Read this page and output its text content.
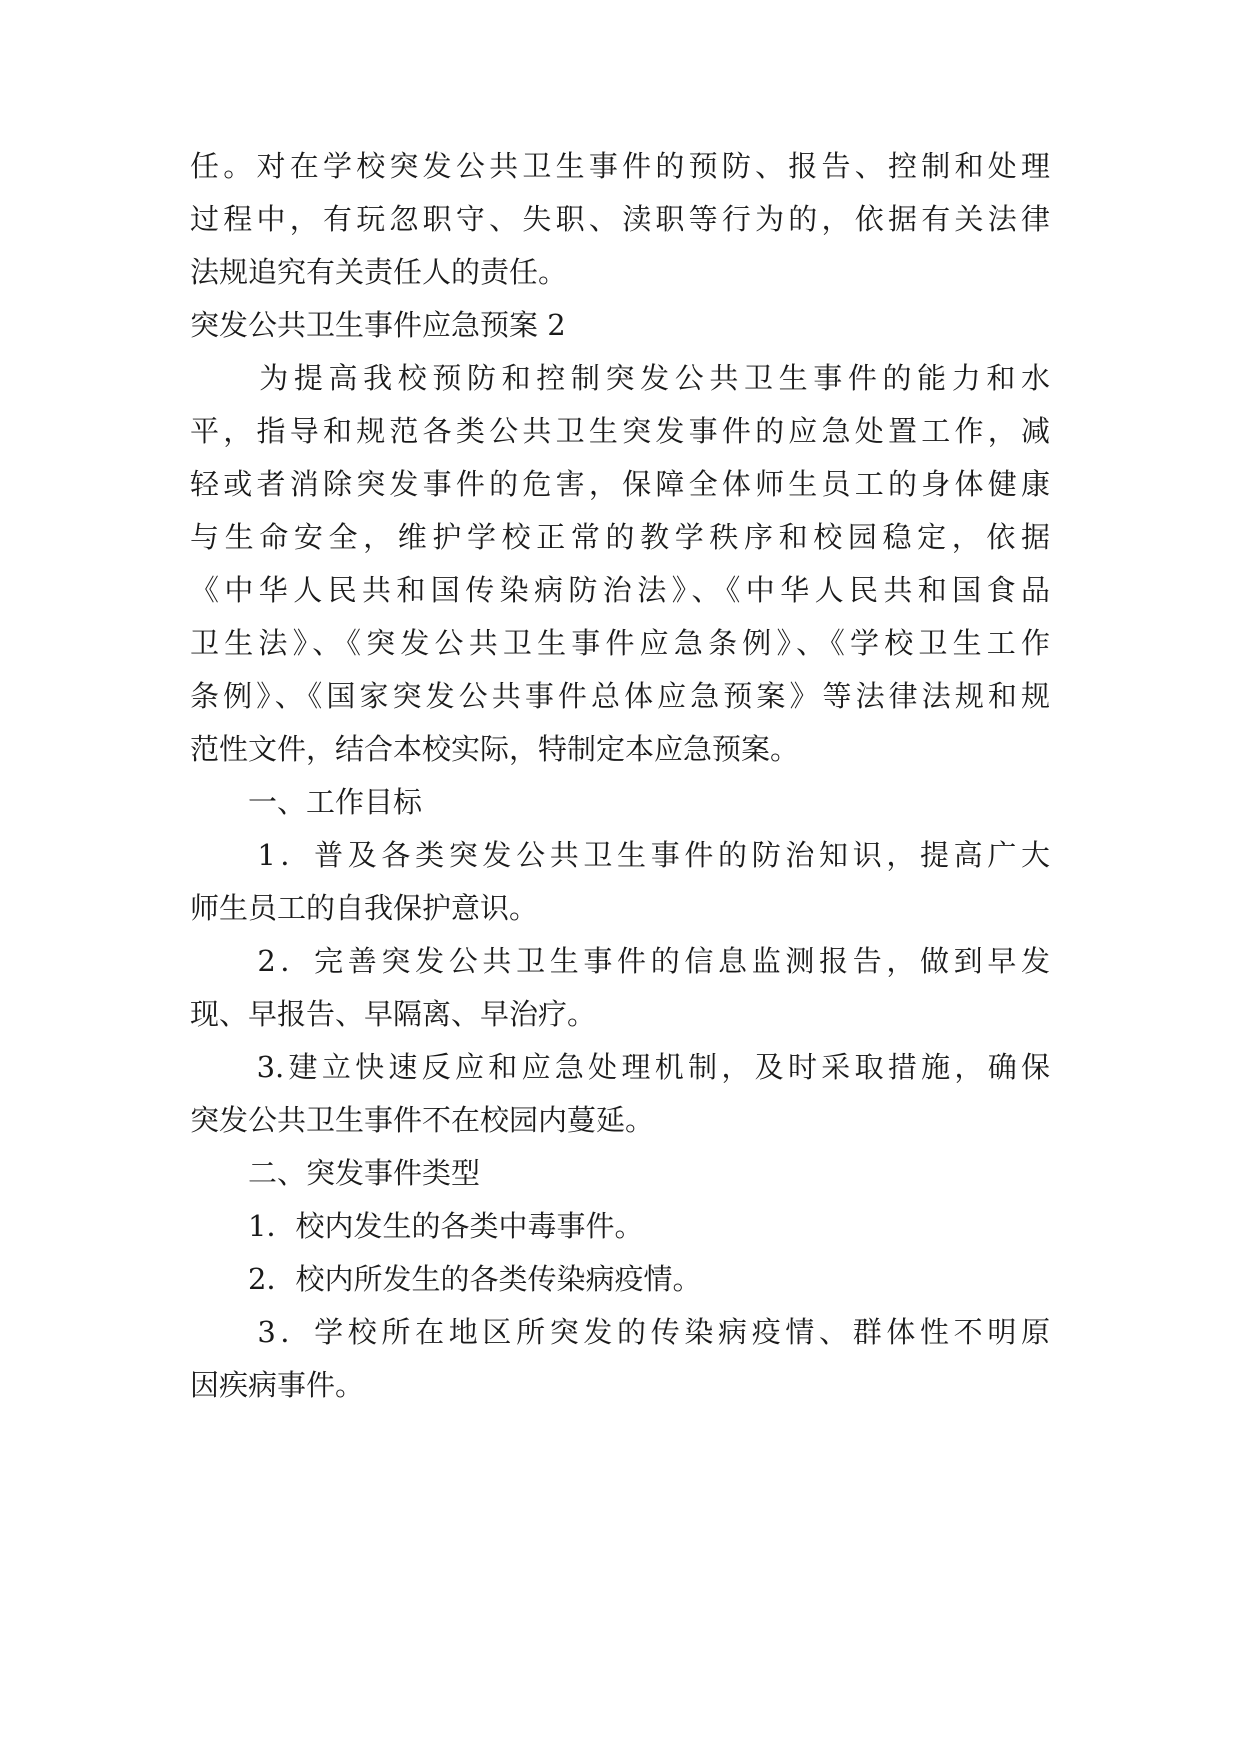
任。对在学校突发公共卫生事件的预防、报告、控制和处理

过程中，有玩忽职守、失职、渎职等行为的，依据有关法律

法规追究有关责任人的责任。

突发公共卫生事件应急预案 2

　　为提高我校预防和控制突发公共卫生事件的能力和水

平，指导和规范各类公共卫生突发事件的应急处置工作，减

轻或者消除突发事件的危害，保障全体师生员工的身体健康

与生命安全，维护学校正常的教学秩序和校园稳定，依据

《中华人民共和国传染病防治法》、《中华人民共和国食品

卫生法》、《突发公共卫生事件应急条例》、《学校卫生工作

条例》、《国家突发公共事件总体应急预案》等法律法规和规

范性文件，结合本校实际，特制定本应急预案。

　　一、工作目标

　　1．普及各类突发公共卫生事件的防治知识，提高广大

师生员工的自我保护意识。

　　2．完善突发公共卫生事件的信息监测报告，做到早发

现、早报告、早隔离、早治疗。

　　3.建立快速反应和应急处理机制，及时采取措施，确保

突发公共卫生事件不在校园内蔓延。

　　二、突发事件类型

　　1．校内发生的各类中毒事件。

　　2．校内所发生的各类传染病疫情。

　　3．学校所在地区所突发的传染病疫情、群体性不明原

因疾病事件。
